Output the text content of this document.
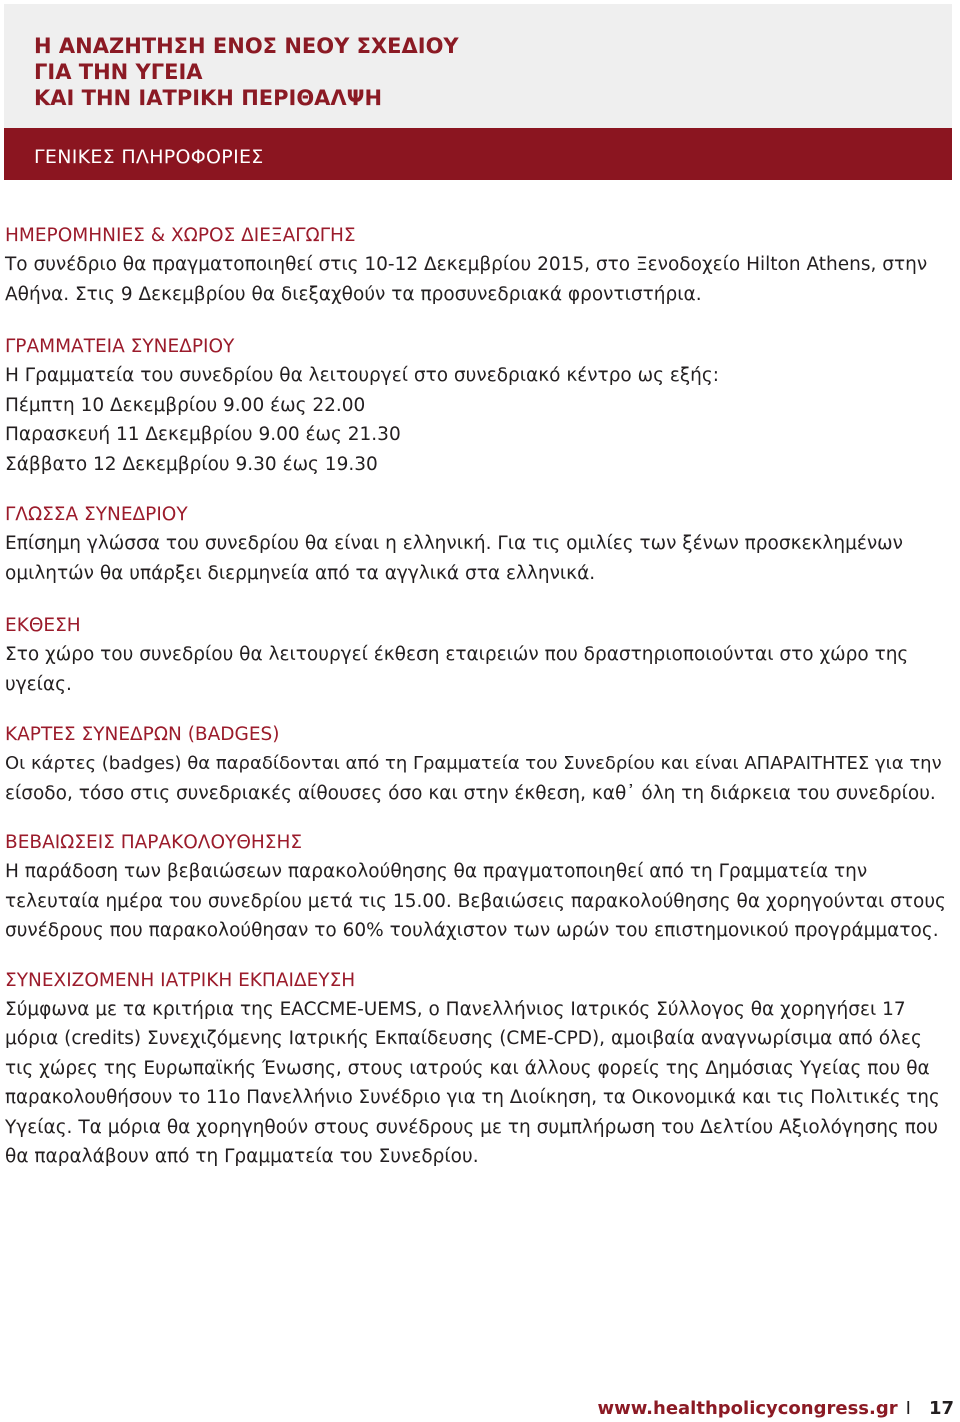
Η ΑΝΑΖΗΤΗΣΗ ΕΝΟΣ ΝΕΟΥ ΣΧΕΔΙΟΥ
ΓΙΑ ΤΗΝ ΥΓΕΙΑ
ΚΑΙ ΤΗΝ ΙΑΤΡΙΚΗ ΠΕΡΙΘΑΛΨΗ
ΓΕΝΙΚΕΣ ΠΛΗΡΟΦΟΡΙΕΣ
ΗΜΕΡΟΜΗΝΙΕΣ & ΧΩΡΟΣ ΔΙΕΞΑΓΩΓΗΣ

Το συνέδριο θα πραγματοποιηθεί στις 10-12 Δεκεμβρίου 2015, στο Ξενοδοχείο Hilton Athens, στην
Αθήνα. Στις 9 Δεκεμβρίου θα διεξαχθούν τα προσυνεδριακά φροντιστήρια.

ΓΡΑΜΜΑΤΕΙΑ ΣΥΝΕΔΡΙΟΥ

Η Γραμματεία του συνεδρίου θα λειτουργεί στο συνεδριακό κέντρο ως εξής:
Πέμπτη 10 Δεκεμβρίου 9.00 έως 22.00
Παρασκευή 11 Δεκεμβρίου 9.00 έως 21.30
Σάββατο 12 Δεκεμβρίου 9.30 έως 19.30

ΓΛΩΣΣΑ ΣΥΝΕΔΡΙΟΥ

Επίσημη γλώσσα του συνεδρίου θα είναι η ελληνική. Για τις ομιλίες των ξένων προσκεκλημένων
ομιλητών θα υπάρξει διερμηνεία από τα αγγλικά στα ελληνικά.

ΕΚΘΕΣΗ

Στο χώρο του συνεδρίου θα λειτουργεί έκθεση εταιρειών που δραστηριοποιούνται στο χώρο της
υγείας.

ΚΑΡΤΕΣ ΣΥΝΕΔΡΩΝ (BADGES)

Οι κάρτες (badges) θα παραδίδονται από τη Γραμματεία του Συνεδρίου και είναι ΑΠΑΡΑΙΤΗΤΕΣ για την
είσοδο, τόσο στις συνεδριακές αίθουσες όσο και στην έκθεση, καθ᾽ όλη τη διάρκεια του συνεδρίου.

ΒΕΒΑΙΩΣΕΙΣ ΠΑΡΑΚΟΛΟΥΘΗΣΗΣ

Η παράδοση των βεβαιώσεων παρακολούθησης θα πραγματοποιηθεί από τη Γραμματεία την
τελευταία ημέρα του συνεδρίου μετά τις 15.00. Βεβαιώσεις παρακολούθησης θα χορηγούνται στους
συνέδρους που παρακολούθησαν το 60% τουλάχιστον των ωρών του επιστημονικού προγράμματος.

ΣΥΝΕΧΙΖΟΜΕΝΗ ΙΑΤΡΙΚΗ ΕΚΠΑΙΔΕΥΣΗ

Σύμφωνα με τα κριτήρια της EACCME-UEMS, ο Πανελλήνιος Ιατρικός Σύλλογος θα χορηγήσει 17
μόρια (credits) Συνεχιζόμενης Ιατρικής Εκπαίδευσης (CME-CPD), αμοιβαία αναγνωρίσιμα από όλες
τις χώρες της Ευρωπαϊκής Ένωσης, στους ιατρούς και άλλους φορείς της Δημόσιας Υγείας που θα
παρακολουθήσουν το 11ο Πανελλήνιο Συνέδριο για τη Διοίκηση, τα Οικονομικά και τις Πολιτικές της
Υγείας. Τα μόρια θα χορηγηθούν στους συνέδρους με τη συμπλήρωση του Δελτίου Αξιολόγησης που
θα παραλάβουν από τη Γραμματεία του Συνεδρίου.

www.healthpolicycongress.gr I 17
